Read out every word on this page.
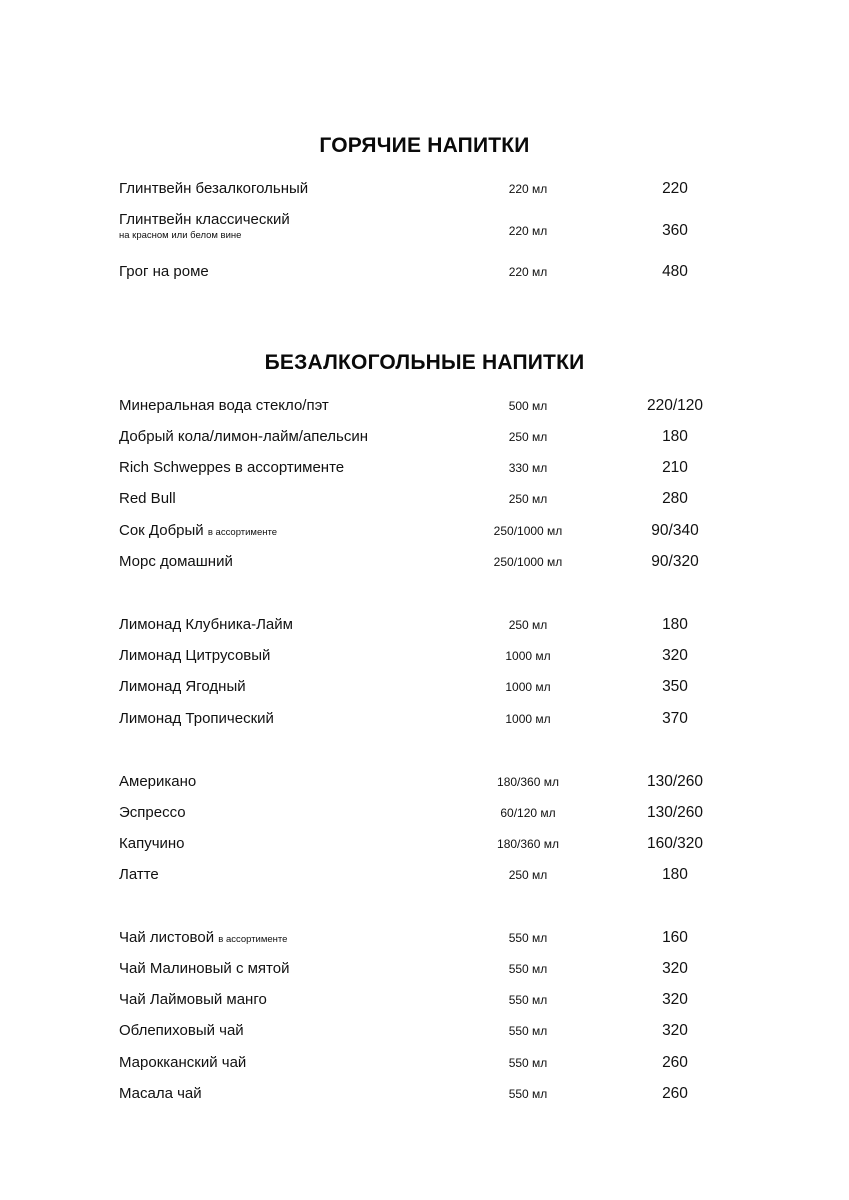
ГОРЯЧИЕ НАПИТКИ
Глинтвейн безалкогольный	220 мл	220
Глинтвейн классический
на красном или белом вине	220 мл	360
Грог на роме	220 мл	480
БЕЗАЛКОГОЛЬНЫЕ НАПИТКИ
Минеральная вода стекло/пэт	500 мл	220/120
Добрый кола/лимон-лайм/апельсин	250 мл	180
Rich Schweppes в ассортименте	330 мл	210
Red Bull	250 мл	280
Сок Добрый в ассортименте	250/1000 мл	90/340
Морс домашний	250/1000 мл	90/320
Лимонад Клубника-Лайм	250 мл	180
Лимонад Цитрусовый	1000 мл	320
Лимонад Ягодный	1000 мл	350
Лимонад Тропический	1000 мл	370
Американо	180/360 мл	130/260
Эспрессо	60/120 мл	130/260
Капучино	180/360 мл	160/320
Латте	250 мл	180
Чай листовой в ассортименте	550 мл	160
Чай Малиновый с мятой	550 мл	320
Чай Лаймовый манго	550 мл	320
Облепиховый чай	550 мл	320
Марокканский чай	550 мл	260
Масала чай	550 мл	260
